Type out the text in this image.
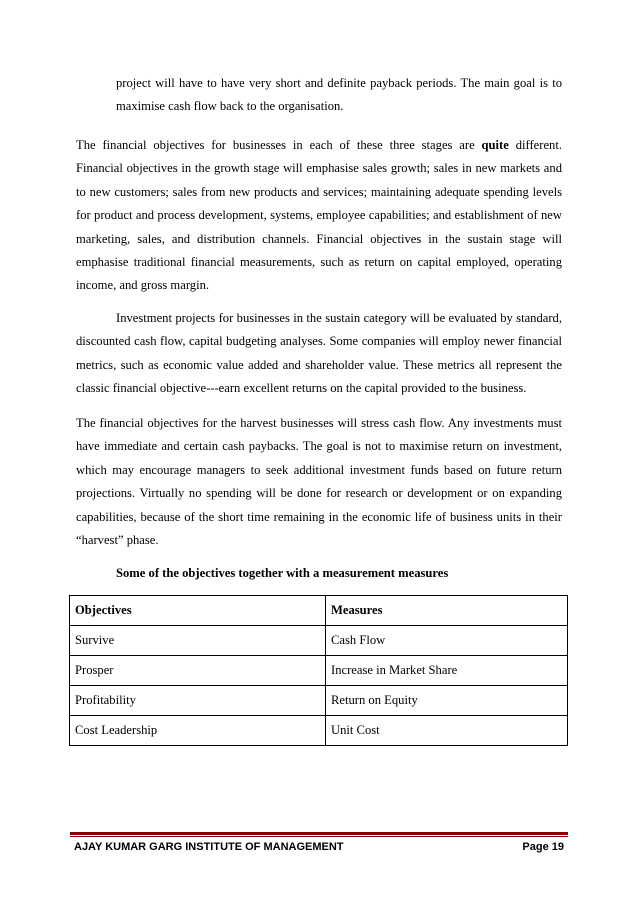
project will have to have very short and definite payback periods. The main goal is to maximise cash flow back to the organisation.

The financial objectives for businesses in each of these three stages are quite different. Financial objectives in the growth stage will emphasise sales growth; sales in new markets and to new customers; sales from new products and services; maintaining adequate spending levels for product and process development, systems, employee capabilities; and establishment of new marketing, sales, and distribution channels. Financial objectives in the sustain stage will emphasise traditional financial measurements, such as return on capital employed, operating income, and gross margin.

Investment projects for businesses in the sustain category will be evaluated by standard, discounted cash flow, capital budgeting analyses. Some companies will employ newer financial metrics, such as economic value added and shareholder value. These metrics all represent the classic financial objective---earn excellent returns on the capital provided to the business.

The financial objectives for the harvest businesses will stress cash flow. Any investments must have immediate and certain cash paybacks. The goal is not to maximise return on investment, which may encourage managers to seek additional investment funds based on future return projections. Virtually no spending will be done for research or development or on expanding capabilities, because of the short time remaining in the economic life of business units in their “harvest” phase.

Some of the objectives together with a measurement measures
Objectives	Measures
Survive	Cash Flow
Prosper	Increase in Market Share
Profitability	Return on Equity
Cost Leadership	Unit Cost
AJAY KUMAR GARG INSTITUTE OF MANAGEMENT	Page 19
